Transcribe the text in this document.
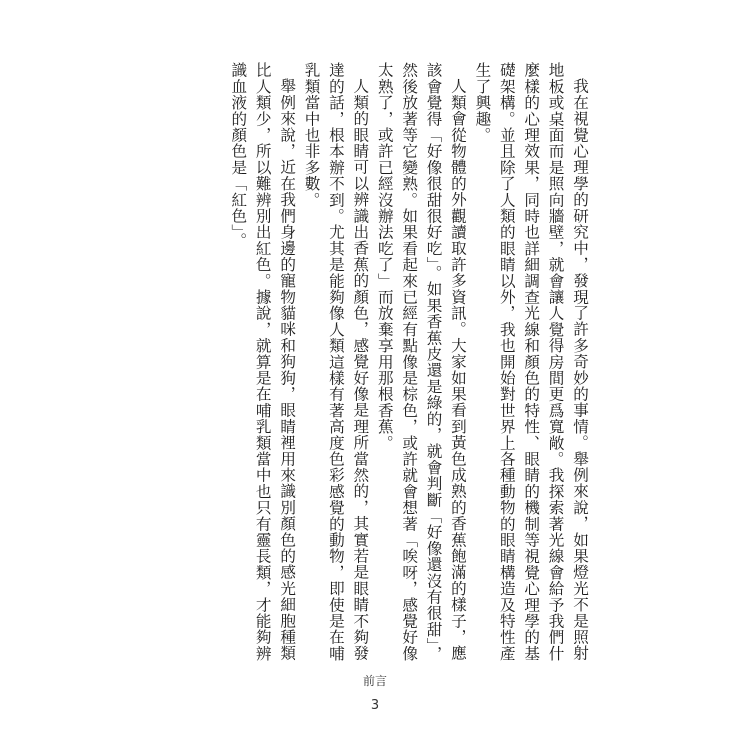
我在視覺心理學的研究中，發現了許多奇妙的事情。舉例來說，如果燈光不是照射地板或桌面而是照向牆壁，就會讓人覺得房間更爲寬敞。我探索著光線會給予我們什麼樣的心理效果，同時也詳細調查光線和顏色的特性、眼睛的機制等視覺心理學的基礎架構。並且除了人類的眼睛以外，我也開始對世界上各種動物的眼睛構造及特性產生了興趣。

人類會從物體的外觀讀取許多資訊。大家如果看到黃色成熟的香蕉飽滿的樣子，應該會覺得「好像很甜很好吃」。如果香蕉皮還是綠的，就會判斷「好像還沒有很甜」，然後放著等它變熟。如果看起來已經有點像是棕色，或許就會想著「唉呀，感覺好像太熟了，或許已經沒辦法吃了」而放棄享用那根香蕉。

人類的眼睛可以辨識出香蕉的顏色，感覺好像是理所當然的，其實若是眼睛不夠發達的話，根本辦不到。尤其是能夠像人類這樣有著高度色彩感覺的動物，即使是在哺乳類當中也非多數。

舉例來說，近在我們身邊的寵物貓咪和狗狗，眼睛裡用來識別顏色的感光細胞種類比人類少，所以難辨別出紅色。據說，就算是在哺乳類當中也只有靈長類，才能夠辨識血液的顏色是「紅色」。

前言
3
